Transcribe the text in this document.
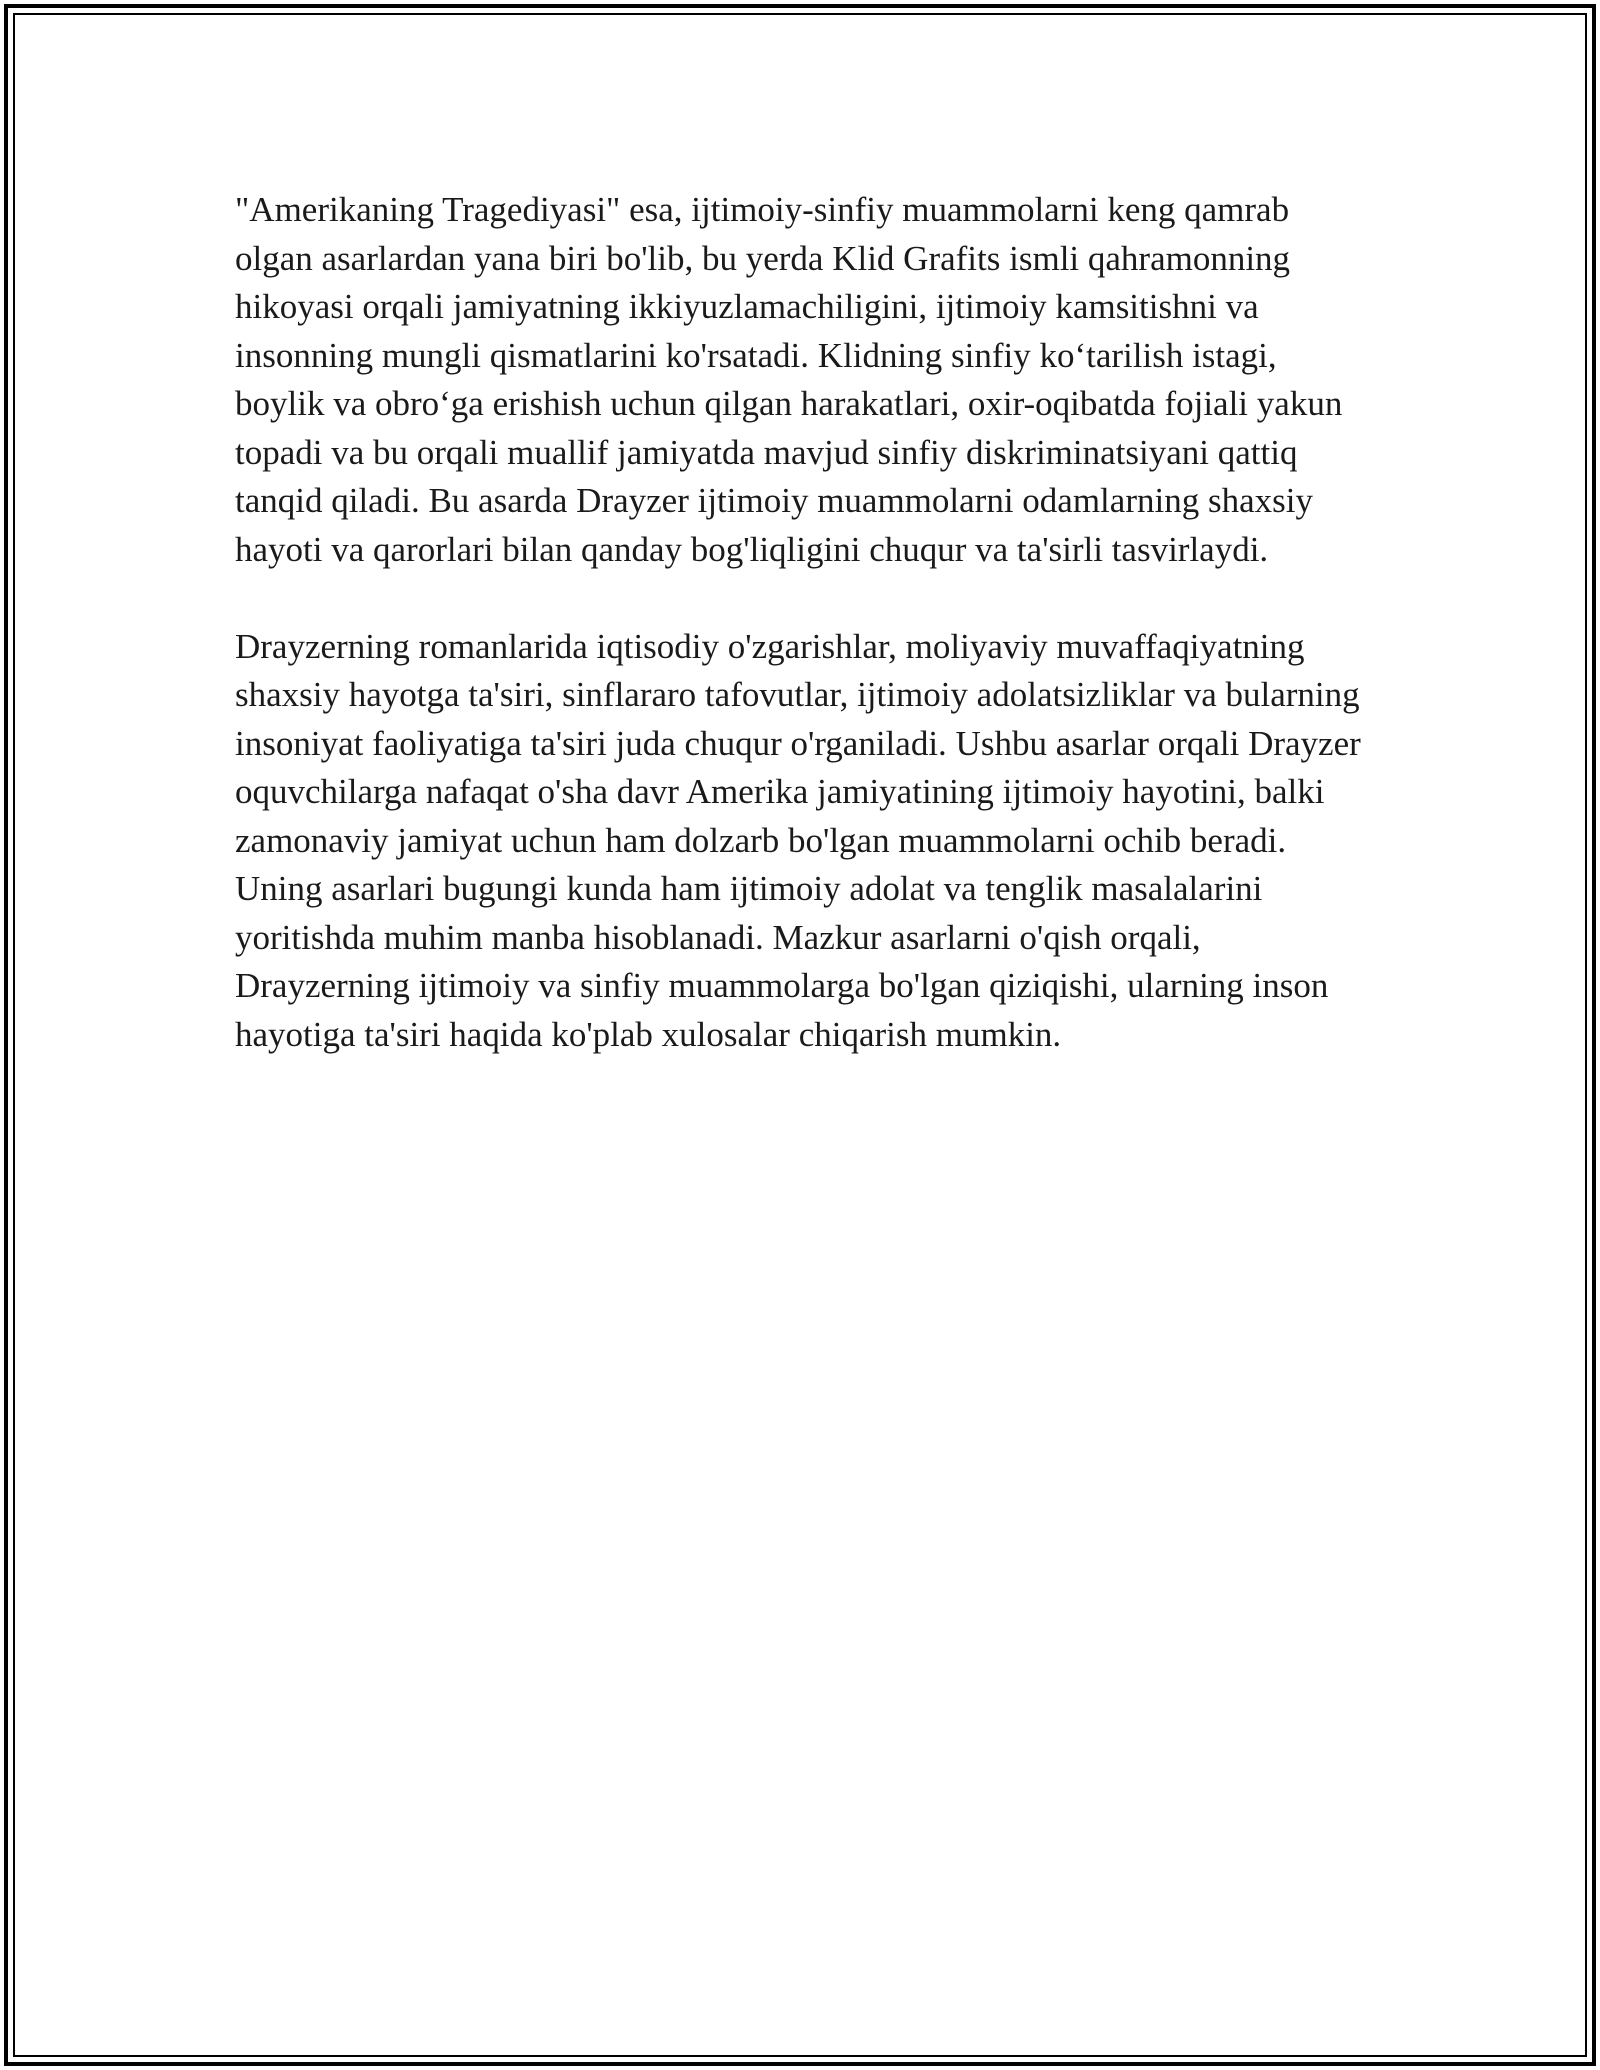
"Amerikaning Tragediyasi" esa, ijtimoiy-sinfiy muammolarni keng qamrab olgan asarlardan yana biri bo'lib, bu yerda Klid Grafits ismli qahramonning hikoyasi orqali jamiyatning ikkiyuzlamachiligini, ijtimoiy kamsitishni va insonning mungli qismatlarini ko'rsatadi. Klidning sinfiy ko‘tarilish istagi, boylik va obro‘ga erishish uchun qilgan harakatlari, oxir-oqibatda fojiali yakun topadi va bu orqali muallif jamiyatda mavjud sinfiy diskriminatsiyani qattiq tanqid qiladi. Bu asarda Drayzer ijtimoiy muammolarni odamlarning shaxsiy hayoti va qarorlari bilan qanday bog'liqligini chuqur va ta'sirli tasvirlaydi.

Drayzerning romanlarida iqtisodiy o'zgarishlar, moliyaviy muvaffaqiyatning shaxsiy hayotga ta'siri, sinflararo tafovutlar, ijtimoiy adolatsizliklar va bularning insoniyat faoliyatiga ta'siri juda chuqur o'rganiladi. Ushbu asarlar orqali Drayzer oquvchilarga nafaqat o'sha davr Amerika jamiyatining ijtimoiy hayotini, balki zamonaviy jamiyat uchun ham dolzarb bo'lgan muammolarni ochib beradi. Uning asarlari bugungi kunda ham ijtimoiy adolat va tenglik masalalarini yoritishda muhim manba hisoblanadi. Mazkur asarlarni o'qish orqali, Drayzerning ijtimoiy va sinfiy muammolarga bo'lgan qiziqishi, ularning inson hayotiga ta'siri haqida ko'plab xulosalar chiqarish mumkin.
